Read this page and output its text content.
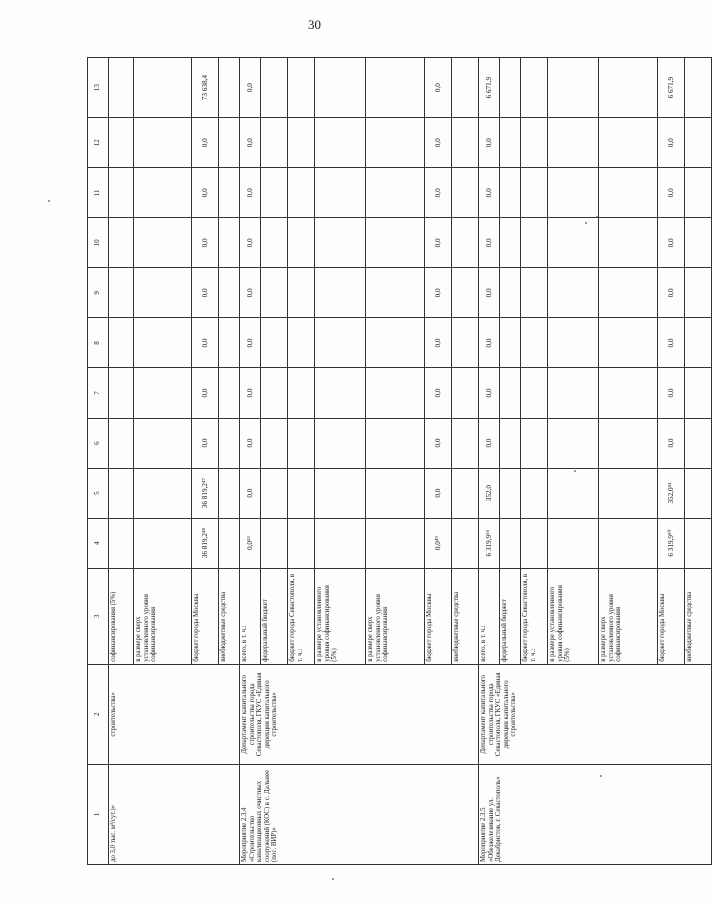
30
1	2	3	4	5	6	7	8	9	10	11	12	13
до 3,0 тыс. м³/сут.)»	строительства»	софинансирования (5%)										
		в размере сверх установленного уровня софинансирования										
		бюджет города Москвы	36 819,2⁴⁸	36 819,2⁴⁷	0,0	0,0	0,0	0,0	0,0	0,0	0,0	73 638,4
		внебюджетные средства										
Мероприятие 2.3.4 «Строительство канализационных очистных сооружений (КОС) в с. Дальнее (пос. ВИР)»	Департамент капитального строительства города Севастополя, ГКУС «Единая дирекция капитального строительства»	всего, в т. ч.:	0,0⁵³	0,0	0,0	0,0	0,0	0,0	0,0	0,0	0,0	0,0
		федеральный бюджет										
		бюджет города Севастополя, в т. ч.:										
		в размере установленного уровня софинансирования (5%)										
		в размере сверх установленного уровня софинансирования										
		бюджет города Москвы	0,0⁴⁹	0,0	0,0	0,0	0,0	0,0	0,0	0,0	0,0	0,0
		внебюджетные средства										
Мероприятие 2.3.5 «Обезжелезивание ул. Декабристов, г. Севастополь»	Департамент капитального строительства города Севастополя, ГКУС «Единая дирекция капитального строительства»	всего, в т. ч.:	6 319,9⁵⁶	352,0	0,0	0,0	0,0	0,0	0,0	0,0	0,0	6 671,9
		федеральный бюджет										
		бюджет города Севастополя, в т. ч.:										
		в размере установленного уровня софинансирования (5%)										
		в размере сверх установленного уровня софинансирования										
		бюджет города Москвы	6 319,9⁵⁰	352,0⁵¹	0,0	0,0	0,0	0,0	0,0	0,0	0,0	6 671,9
		внебюджетные средства										
